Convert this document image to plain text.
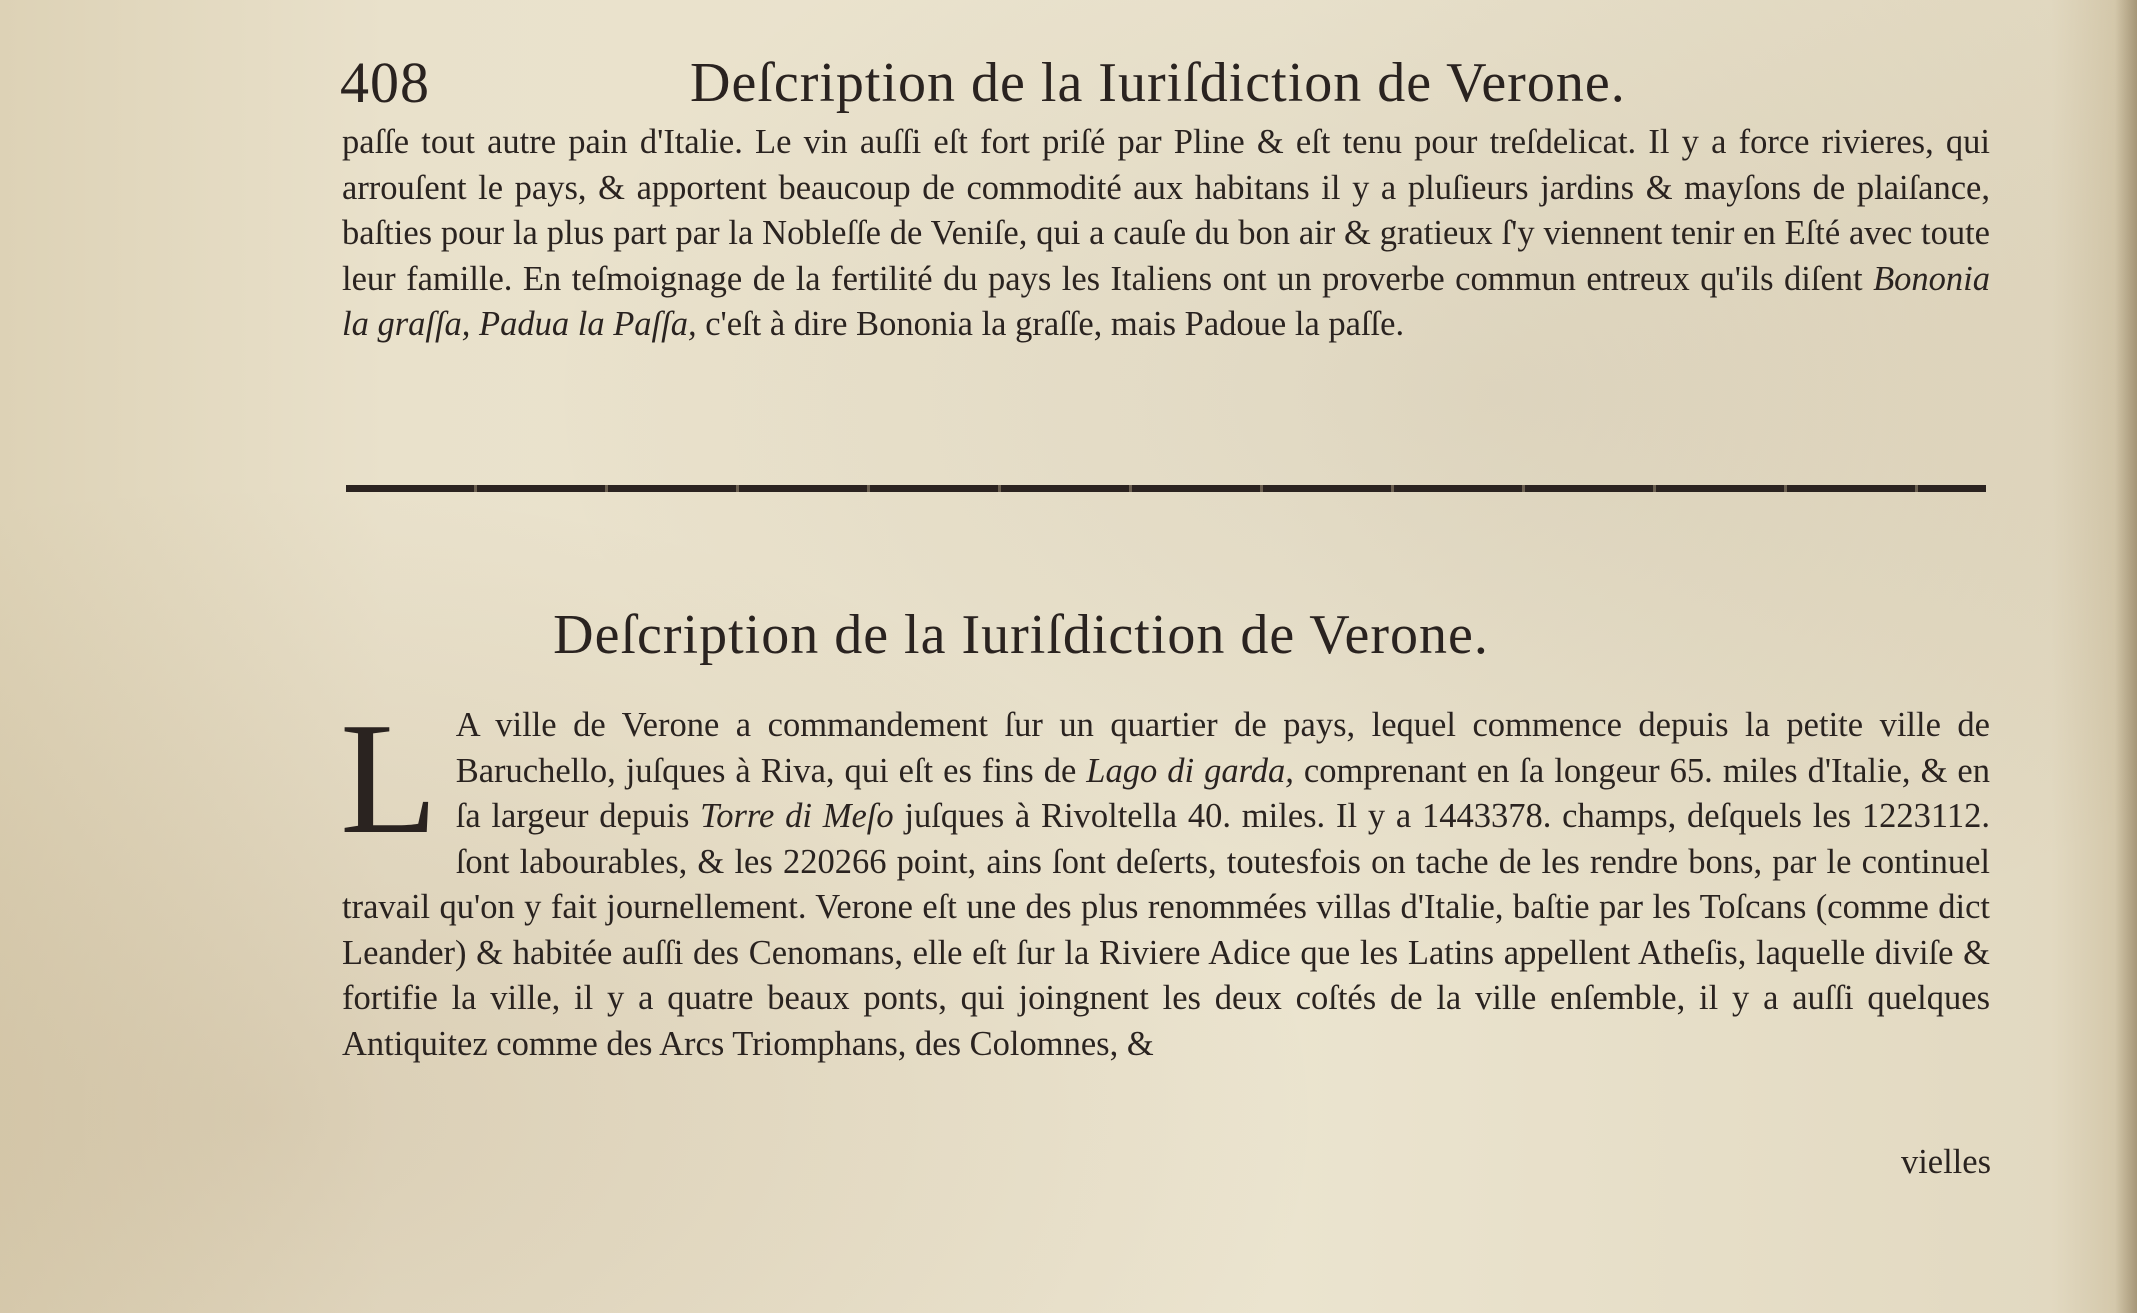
408	Deſcription de la Iuriſdiction de Verone.

paſſe tout autre pain d'Italie. Le vin auſſi eſt fort priſé par Pline & eſt tenu pour treſdelicat. Il y a force rivieres, qui arrouſent le pays, & apportent beaucoup de commodité aux habitans il y a pluſieurs jardins & mayſons de plaiſance, baſties pour la plus part par la Nobleſſe de Veniſe, qui a cauſe du bon air & gratieux ſ'y viennent tenir en Eſté avec toute leur famille. En teſmoignage de la fertilité du pays les Italiens ont un proverbe commun entreux qu'ils diſent Bononia la graſſa, Padua la Paſſa, c'eſt à dire Bononia la graſſe, mais Padoue la paſſe.

Deſcription de la Iuriſdiction de Verone.

L A ville de Verone a commandement ſur un quartier de pays, lequel commence depuis la petite ville de Baruchello, juſques à Riva, qui eſt es fins de Lago di garda, comprenant en ſa longeur 65. miles d'Italie, & en ſa largeur depuis Torre di Meſo juſques à Rivoltella 40. miles. Il y a 1443378. champs, deſquels les 1223112. ſont labourables, & les 220266 point, ains ſont deſerts, toutesfois on tache de les rendre bons, par le continuel travail qu'on y fait journellement. Verone eſt une des plus renommées villas d'Italie, baſtie par les Toſcans (comme dict Leander) & habitée auſſi des Cenomans, elle eſt ſur la Riviere Adice que les Latins appellent Atheſis, laquelle diviſe & fortifie la ville, il y a quatre beaux ponts, qui joingnent les deux coſtés de la ville enſemble, il y a auſſi quelques Antiquitez comme des Arcs Triomphans, des Colomnes, &

vielles
